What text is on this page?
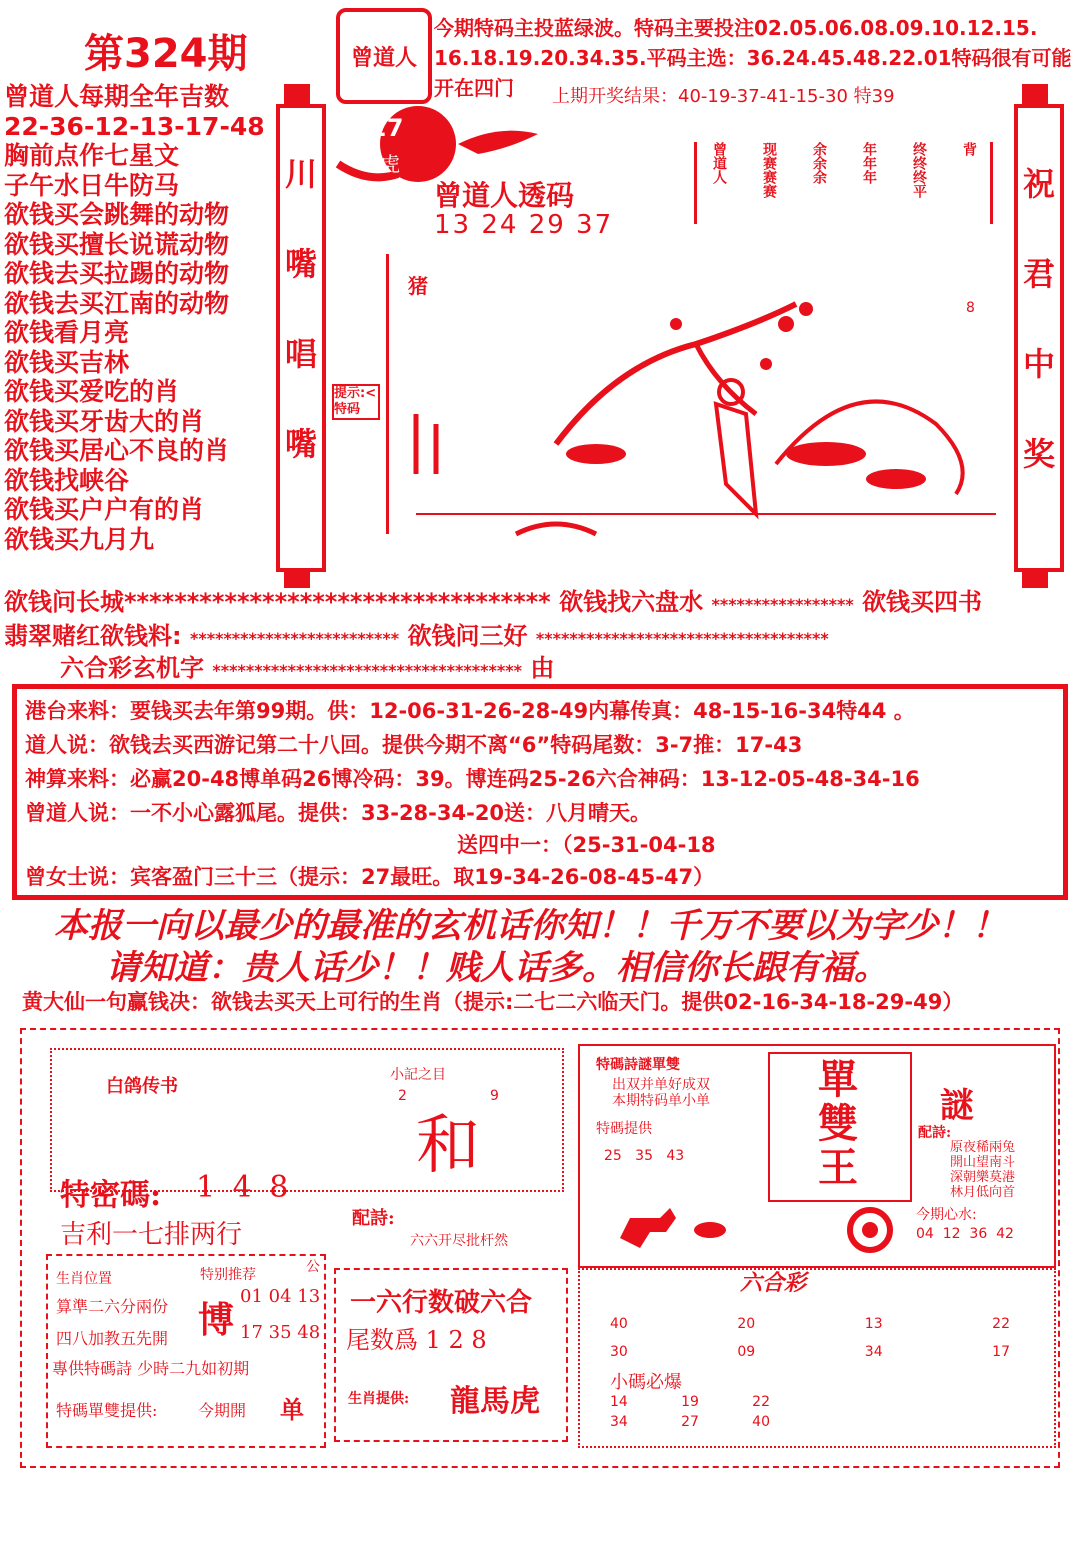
第324期	曾道人
今期特码主投蓝绿波。特码主要投注02.05.06.08.09.10.12.15.
16.18.19.20.34.35.平码主选：36.24.45.48.22.01特码很有可能
开在四门 上期开奖结果：40-19-37-41-15-30 特39
曾道人每期全年吉数
22-36-12-13-17-48
胸前点作七星文
子午水日牛防马
欲钱买会跳舞的动物
欲钱买擅长说谎动物
欲钱去买拉踢的动物
欲钱去买江南的动物
欲钱看月亮
欲钱买吉林
欲钱买爱吃的肖
欲钱买牙齿大的肖
欲钱买居心不良的肖
欲钱找峡谷
欲钱买户户有的肖
欲钱买九月九
川
嘴
唱
嘴
祝
君
中
奖
27
虎
曾道人透码
13 24 29 37
曾道人 现赛赛赛 余余余 年年年 终终终平 背
猪
8
提示:<特码
欲钱问长城********************************** 欲钱找六盘水 ***************** 欲钱买四书
翡翠赌红欲钱料: ************************* 欲钱问三好 ***********************************
六合彩玄机字 ************************************* 由
港台来料：要钱买去年第99期。供：12-06-31-26-28-49内幕传真：48-15-16-34特44 。
道人说：欲钱去买西游记第二十八回。提供今期不离“6”特码尾数：3-7推：17-43
神算来料：必赢20-48博单码26博冷码：39。博连码25-26六合神码：13-12-05-48-34-16
曾道人说：一不小心露狐尾。提供：33-28-34-20送：八月晴天。
送四中一：（25-31-04-18
曾女士说：宾客盈门三十三（提示：27最旺。取19-34-26-08-45-47）
本报一向以最少的最准的玄机话你知！！千万不要以为字少！！
请知道：贵人话少！！贱人话多。相信你长跟有福。
黄大仙一句赢钱决：欲钱去买天上可行的生肖（提示:二七二六临天门。提供02-16-34-18-29-49）
白鸽传书
小記之目
2	9
和
特密碼: 1 4 8
吉利一七排两行
配詩:
六六开尽批杆然
公
生肖位置
算準二六分兩份
四八加教五先開
專供特碼詩 少時二九如初期
特碼單雙提供:	今期開 单
特别推荐
博
01 04 13
17 35 48
一六行数破六合
尾数爲 1 2 8
生肖提供: 龍馬虎
特碼詩謎單雙
出双并单好成双
本期特码单小单
特碼提供
25   35   43
單雙王
謎
配詩:
原夜稀兩兔
開山望南斗
深朝樂莫港
林月低向首
今期心水:
04  12  36  42
六合彩
40	20	13	22
30	09	34	17
小碼必爆
14	19	22
34	27	40
